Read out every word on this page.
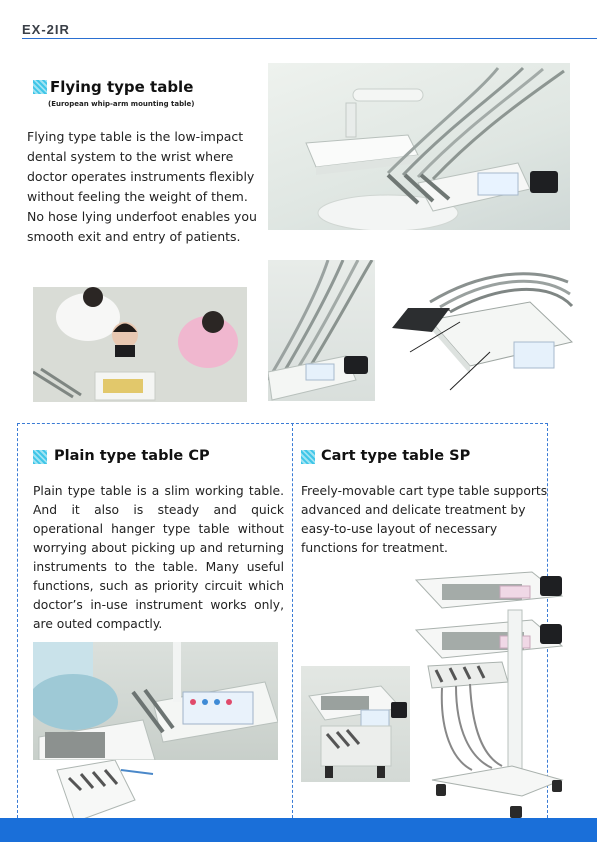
EX-2IR
Flying type table
(European whip-arm mounting table)

Flying type table is the low-impact dental system to the wrist where doctor operates instruments flexibly without feeling the weight of them.

No hose lying underfoot enables you smooth exit and entry of patients.

Plain type table CP
Plain type table is a slim working table. And it also is steady and quick operational hanger type table without worrying about picking up and returning instruments to the table. Many useful functions, such as priority circuit which doctor’s in-use instrument works only, are outed compactly.
Cart type table SP
Freely-movable cart type table supports advanced and delicate treatment by easy-to-use layout of necessary functions for treatment.
